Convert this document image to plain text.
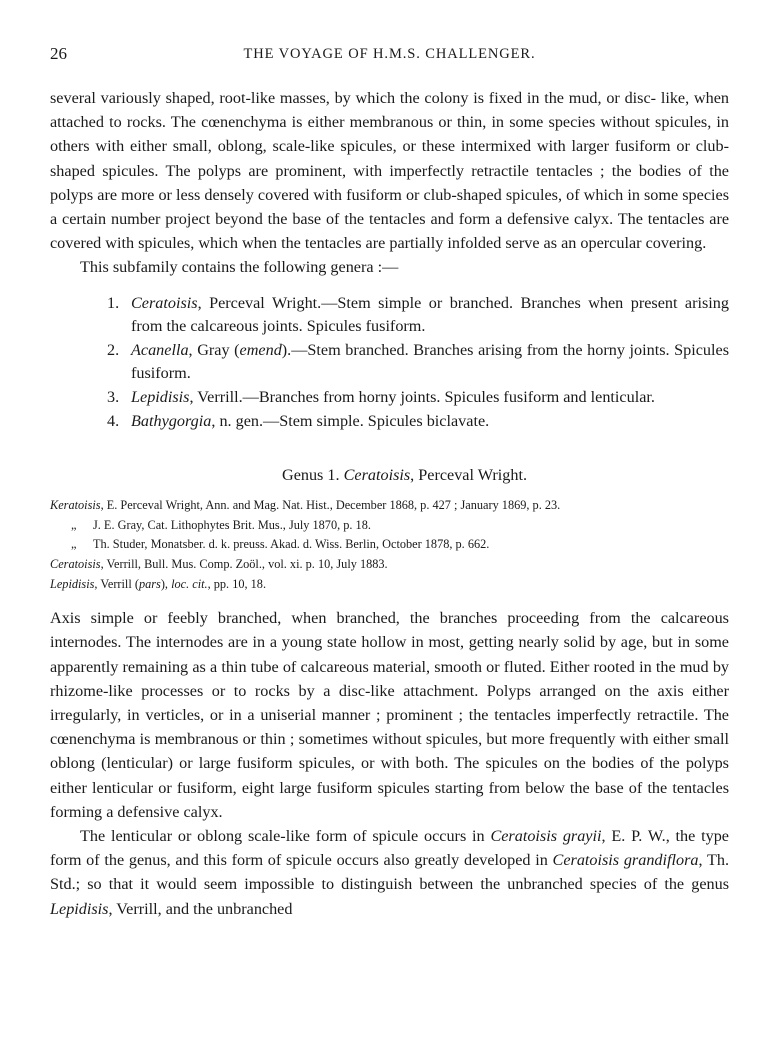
26	THE VOYAGE OF H.M.S. CHALLENGER.

several variously shaped, root-like masses, by which the colony is fixed in the mud, or disc- like, when attached to rocks. The cœnenchyma is either membranous or thin, in some species without spicules, in others with either small, oblong, scale-like spicules, or these intermixed with larger fusiform or club-shaped spicules. The polyps are prominent, with imperfectly retractile tentacles ; the bodies of the polyps are more or less densely covered with fusiform or club-shaped spicules, of which in some species a certain number project beyond the base of the tentacles and form a defensive calyx. The tentacles are covered with spicules, which when the tentacles are partially infolded serve as an opercular covering.

This subfamily contains the following genera :—

1. Ceratoisis, Perceval Wright.—Stem simple or branched. Branches when present arising from the calcareous joints. Spicules fusiform.
2. Acanella, Gray (emend).—Stem branched. Branches arising from the horny joints. Spicules fusiform.
3. Lepidisis, Verrill.—Branches from horny joints. Spicules fusiform and lenticular.
4. Bathygorgia, n. gen.—Stem simple. Spicules biclavate.
Genus 1. Ceratoisis, Perceval Wright.
Keratoisis, E. Perceval Wright, Ann. and Mag. Nat. Hist., December 1868, p. 427 ; January 1869, p. 23.
„ J. E. Gray, Cat. Lithophytes Brit. Mus., July 1870, p. 18.
„ Th. Studer, Monatsber. d. k. preuss. Akad. d. Wiss. Berlin, October 1878, p. 662.
Ceratoisis, Verrill, Bull. Mus. Comp. Zoöl., vol. xi. p. 10, July 1883.
Lepidisis, Verrill (pars), loc. cit., pp. 10, 18.

Axis simple or feebly branched, when branched, the branches proceeding from the calcareous internodes. The internodes are in a young state hollow in most, getting nearly solid by age, but in some apparently remaining as a thin tube of calcareous material, smooth or fluted. Either rooted in the mud by rhizome-like processes or to rocks by a disc-like attachment. Polyps arranged on the axis either irregularly, in verticles, or in a uniserial manner ; prominent ; the tentacles imperfectly retractile. The cœnenchyma is membranous or thin ; sometimes without spicules, but more frequently with either small oblong (lenticular) or large fusiform spicules, or with both. The spicules on the bodies of the polyps either lenticular or fusiform, eight large fusiform spicules starting from below the base of the tentacles forming a defensive calyx.

The lenticular or oblong scale-like form of spicule occurs in Ceratoisis grayii, E. P. W., the type form of the genus, and this form of spicule occurs also greatly developed in Ceratoisis grandiflora, Th. Std.; so that it would seem impossible to distinguish between the unbranched species of the genus Lepidisis, Verrill, and the unbranched
